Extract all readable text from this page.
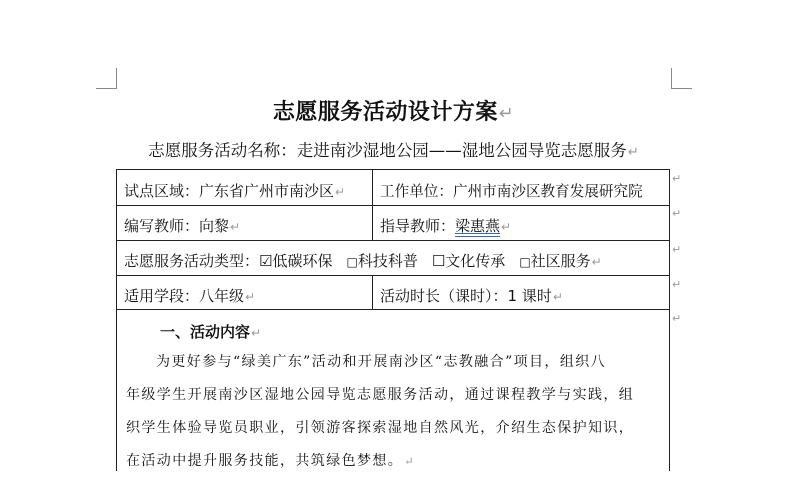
志愿服务活动设计方案↵
志愿服务活动名称：走进南沙湿地公园——湿地公园导览志愿服务↵
试点区域：广东省广州市南沙区↵ 工作单位：广州市南沙区教育发展研究院
↵
编写教师：向黎↵	指导教师：梁惠燕↵
↵
志愿服务活动类型：☑低碳环保 □科技科普 ☐文化传承 □社区服务↵
↵
适用学段：八年级↵	活动时长（课时）：1 课时↵
↵
↵
一、活动内容↵
为更好参与“绿美广东”活动和开展南沙区“志教融合”项目，组织八
年级学生开展南沙区湿地公园导览志愿服务活动，通过课程教学与实践，组
织学生体验导览员职业，引领游客探索湿地自然风光，介绍生态保护知识，
在活动中提升服务技能，共筑绿色梦想。↵
